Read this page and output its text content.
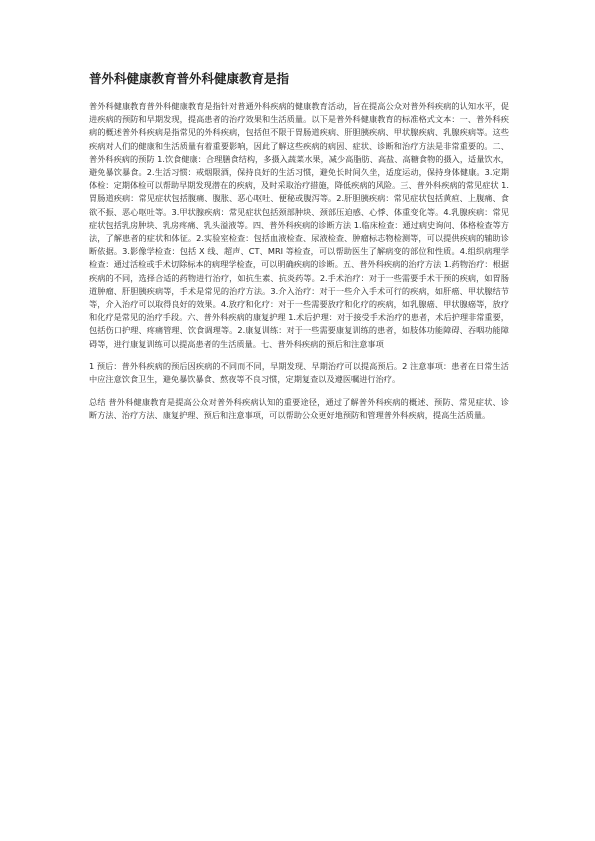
普外科健康教育普外科健康教育是指

普外科健康教育普外科健康教育是指针对普通外科疾病的健康教育活动，旨在提高公众对普外科疾病的认知水平，促进疾病的预防和早期发现，提高患者的治疗效果和生活质量。以下是普外科健康教育的标准格式文本：一、普外科疾病的概述普外科疾病是指常见的外科疾病，包括但不限于胃肠道疾病、肝胆胰疾病、甲状腺疾病、乳腺疾病等。这些疾病对人们的健康和生活质量有着重要影响，因此了解这些疾病的病因、症状、诊断和治疗方法是非常重要的。二、普外科疾病的预防 1.饮食健康：合理膳食结构，多摄入蔬菜水果，减少高脂肪、高盐、高糖食物的摄入，适量饮水，避免暴饮暴食。2.生活习惯：戒烟限酒，保持良好的生活习惯，避免长时间久坐，适度运动，保持身体健康。3.定期体检：定期体检可以帮助早期发现潜在的疾病，及时采取治疗措施，降低疾病的风险。三、普外科疾病的常见症状 1.胃肠道疾病：常见症状包括腹痛、腹胀、恶心呕吐、便秘或腹泻等。2.肝胆胰疾病：常见症状包括黄疸、上腹痛、食欲不振、恶心呕吐等。3.甲状腺疾病：常见症状包括颈部肿块、颈部压迫感、心悸、体重变化等。4.乳腺疾病：常见症状包括乳房肿块、乳房疼痛、乳头溢液等。四、普外科疾病的诊断方法 1.临床检查：通过病史询问、体格检查等方法，了解患者的症状和体征。2.实验室检查：包括血液检查、尿液检查、肿瘤标志物检测等，可以提供疾病的辅助诊断依据。3.影像学检查：包括 X 线、超声、CT、MRI 等检查，可以帮助医生了解病变的部位和性质。4.组织病理学检查：通过活检或手术切除标本的病理学检查，可以明确疾病的诊断。五、普外科疾病的治疗方法 1.药物治疗：根据疾病的不同，选择合适的药物进行治疗，如抗生素、抗炎药等。2.手术治疗：对于一些需要手术干预的疾病，如胃肠道肿瘤、肝胆胰疾病等，手术是常见的治疗方法。3.介入治疗：对于一些介入手术可行的疾病，如肝癌、甲状腺结节等，介入治疗可以取得良好的效果。4.放疗和化疗：对于一些需要放疗和化疗的疾病，如乳腺癌、甲状腺癌等，放疗和化疗是常见的治疗手段。六、普外科疾病的康复护理 1.术后护理：对于接受手术治疗的患者，术后护理非常重要，包括伤口护理、疼痛管理、饮食调理等。2.康复训练：对于一些需要康复训练的患者，如肢体功能障碍、吞咽功能障碍等，进行康复训练可以提高患者的生活质量。七、普外科疾病的预后和注意事项

1 预后：普外科疾病的预后因疾病的不同而不同，早期发现、早期治疗可以提高预后。2 注意事项：患者在日常生活中应注意饮食卫生，避免暴饮暴食、熬夜等不良习惯，定期复查以及遵医嘱进行治疗。

总结 普外科健康教育是提高公众对普外科疾病认知的重要途径，通过了解普外科疾病的概述、预防、常见症状、诊断方法、治疗方法、康复护理、预后和注意事项，可以帮助公众更好地预防和管理普外科疾病，提高生活质量。
